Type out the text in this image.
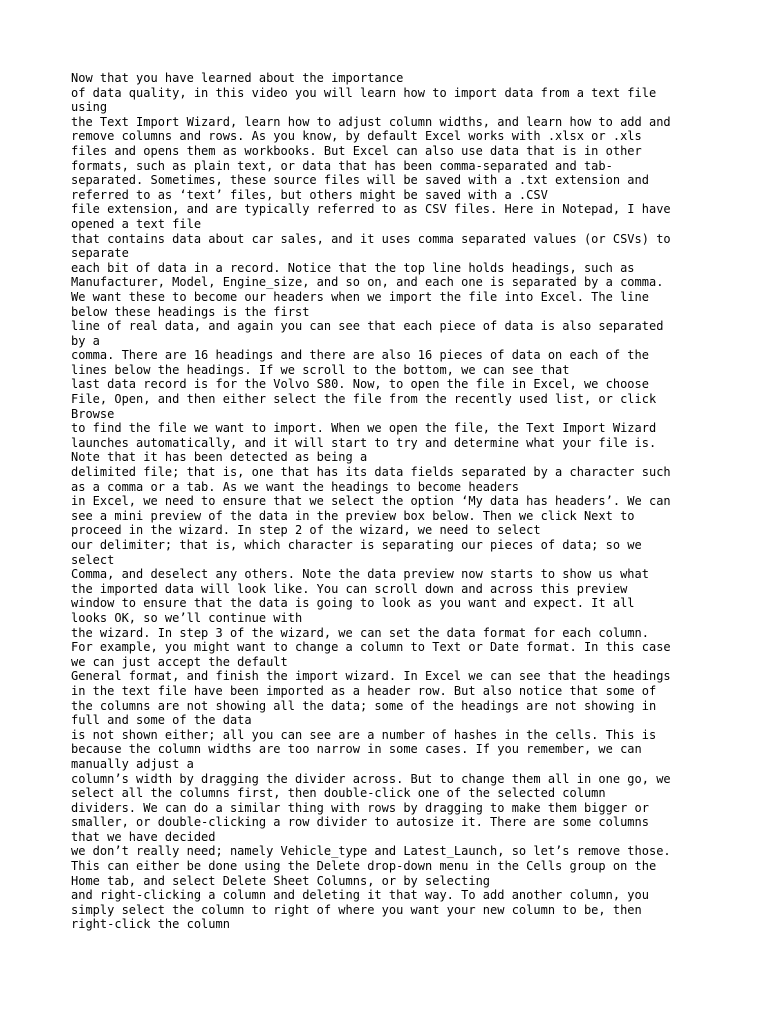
Now that you have learned about the importance
of data quality, in this video you will learn how to import data from a text file
using
the Text Import Wizard, learn how to adjust column widths, and learn how to add and
remove columns and rows. As you know, by default Excel works with .xlsx or .xls
files and opens them as workbooks. But Excel can also use data that is in other
formats, such as plain text, or data that has been comma-separated and tab-
separated. Sometimes, these source files will be saved with a .txt extension and
referred to as ‘text’ files, but others might be saved with a .CSV
file extension, and are typically referred to as CSV files. Here in Notepad, I have
opened a text file
that contains data about car sales, and it uses comma separated values (or CSVs) to
separate
each bit of data in a record. Notice that the top line holds headings, such as
Manufacturer, Model, Engine_size, and so on, and each one is separated by a comma.
We want these to become our headers when we import the file into Excel. The line
below these headings is the first
line of real data, and again you can see that each piece of data is also separated
by a
comma. There are 16 headings and there are also 16 pieces of data on each of the
lines below the headings. If we scroll to the bottom, we can see that
last data record is for the Volvo S80. Now, to open the file in Excel, we choose
File, Open, and then either select the file from the recently used list, or click
Browse
to find the file we want to import. When we open the file, the Text Import Wizard
launches automatically, and it will start to try and determine what your file is.
Note that it has been detected as being a
delimited file; that is, one that has its data fields separated by a character such
as a comma or a tab. As we want the headings to become headers
in Excel, we need to ensure that we select the option ‘My data has headers’. We can
see a mini preview of the data in the preview box below. Then we click Next to
proceed in the wizard. In step 2 of the wizard, we need to select
our delimiter; that is, which character is separating our pieces of data; so we
select
Comma, and deselect any others. Note the data preview now starts to show us what
the imported data will look like. You can scroll down and across this preview
window to ensure that the data is going to look as you want and expect. It all
looks OK, so we’ll continue with
the wizard. In step 3 of the wizard, we can set the data format for each column.
For example, you might want to change a column to Text or Date format. In this case
we can just accept the default
General format, and finish the import wizard. In Excel we can see that the headings
in the text file have been imported as a header row. But also notice that some of
the columns are not showing all the data; some of the headings are not showing in
full and some of the data
is not shown either; all you can see are a number of hashes in the cells. This is
because the column widths are too narrow in some cases. If you remember, we can
manually adjust a
column’s width by dragging the divider across. But to change them all in one go, we
select all the columns first, then double-click one of the selected column
dividers. We can do a similar thing with rows by dragging to make them bigger or
smaller, or double-clicking a row divider to autosize it. There are some columns
that we have decided
we don’t really need; namely Vehicle_type and Latest_Launch, so let’s remove those.
This can either be done using the Delete drop-down menu in the Cells group on the
Home tab, and select Delete Sheet Columns, or by selecting
and right-clicking a column and deleting it that way. To add another column, you
simply select the column to right of where you want your new column to be, then
right-click the column
